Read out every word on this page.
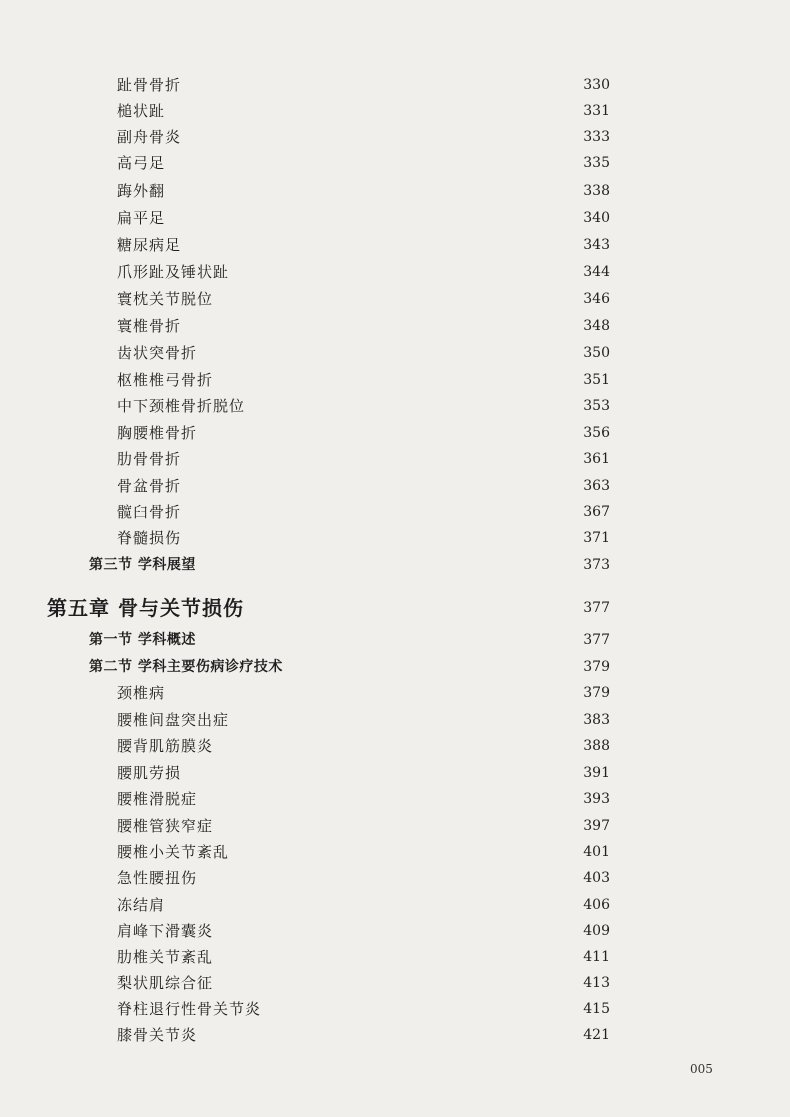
趾骨骨折	330
槌状趾	331
副舟骨炎	333
高弓足	335
踇外翻	338
扁平足	340
糖尿病足	343
爪形趾及锤状趾	344
寰枕关节脱位	346
寰椎骨折	348
齿状突骨折	350
枢椎椎弓骨折	351
中下颈椎骨折脱位	353
胸腰椎骨折	356
肋骨骨折	361
骨盆骨折	363
髋臼骨折	367
脊髓损伤	371
第三节 学科展望	373
第五章 骨与关节损伤	377
第一节 学科概述	377
第二节 学科主要伤病诊疗技术	379
颈椎病	379
腰椎间盘突出症	383
腰背肌筋膜炎	388
腰肌劳损	391
腰椎滑脱症	393
腰椎管狭窄症	397
腰椎小关节紊乱	401
急性腰扭伤	403
冻结肩	406
肩峰下滑囊炎	409
肋椎关节紊乱	411
梨状肌综合征	413
脊柱退行性骨关节炎	415
膝骨关节炎	421
005
